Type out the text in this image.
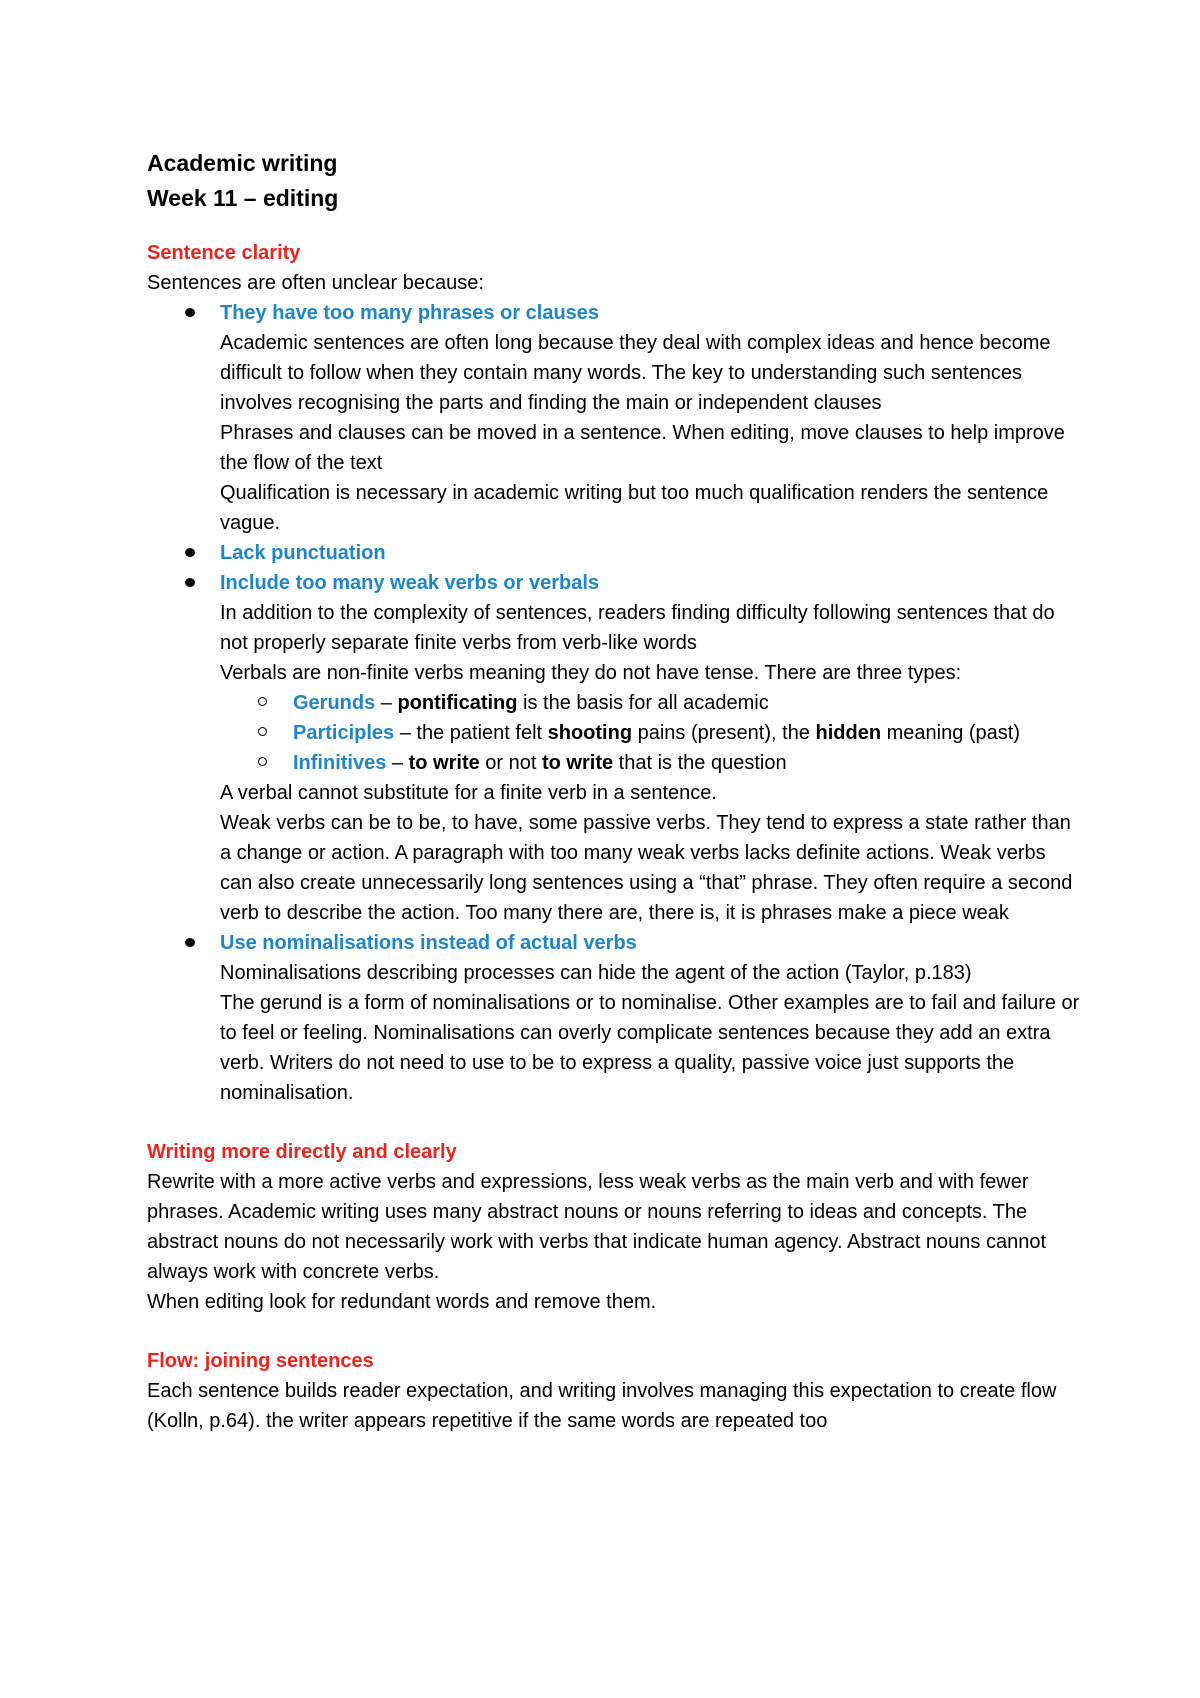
Academic writing
Week 11 – editing
Sentence clarity

Sentences are often unclear because:

They have too many phrases or clauses

Academic sentences are often long because they deal with complex ideas and hence become difficult to follow when they contain many words. The key to understanding such sentences involves recognising the parts and finding the main or independent clauses

Phrases and clauses can be moved in a sentence. When editing, move clauses to help improve the flow of the text

Qualification is necessary in academic writing but too much qualification renders the sentence vague.

Lack punctuation
Include too many weak verbs or verbals

In addition to the complexity of sentences, readers finding difficulty following sentences that do not properly separate finite verbs from verb-like words

Verbals are non-finite verbs meaning they do not have tense. There are three types:

Gerunds – pontificating is the basis for all academic
Participles – the patient felt shooting pains (present), the hidden meaning (past)
Infinitives – to write or not to write that is the question

A verbal cannot substitute for a finite verb in a sentence.

Weak verbs can be to be, to have, some passive verbs. They tend to express a state rather than a change or action. A paragraph with too many weak verbs lacks definite actions. Weak verbs can also create unnecessarily long sentences using a “that” phrase. They often require a second verb to describe the action. Too many there are, there is, it is phrases make a piece weak

Use nominalisations instead of actual verbs

Nominalisations describing processes can hide the agent of the action (Taylor, p.183)

The gerund is a form of nominalisations or to nominalise. Other examples are to fail and failure or to feel or feeling. Nominalisations can overly complicate sentences because they add an extra verb. Writers do not need to use to be to express a quality, passive voice just supports the nominalisation.

Writing more directly and clearly

Rewrite with a more active verbs and expressions, less weak verbs as the main verb and with fewer phrases. Academic writing uses many abstract nouns or nouns referring to ideas and concepts. The abstract nouns do not necessarily work with verbs that indicate human agency. Abstract nouns cannot always work with concrete verbs.

When editing look for redundant words and remove them.

Flow: joining sentences

Each sentence builds reader expectation, and writing involves managing this expectation to create flow (Kolln, p.64). the writer appears repetitive if the same words are repeated too
